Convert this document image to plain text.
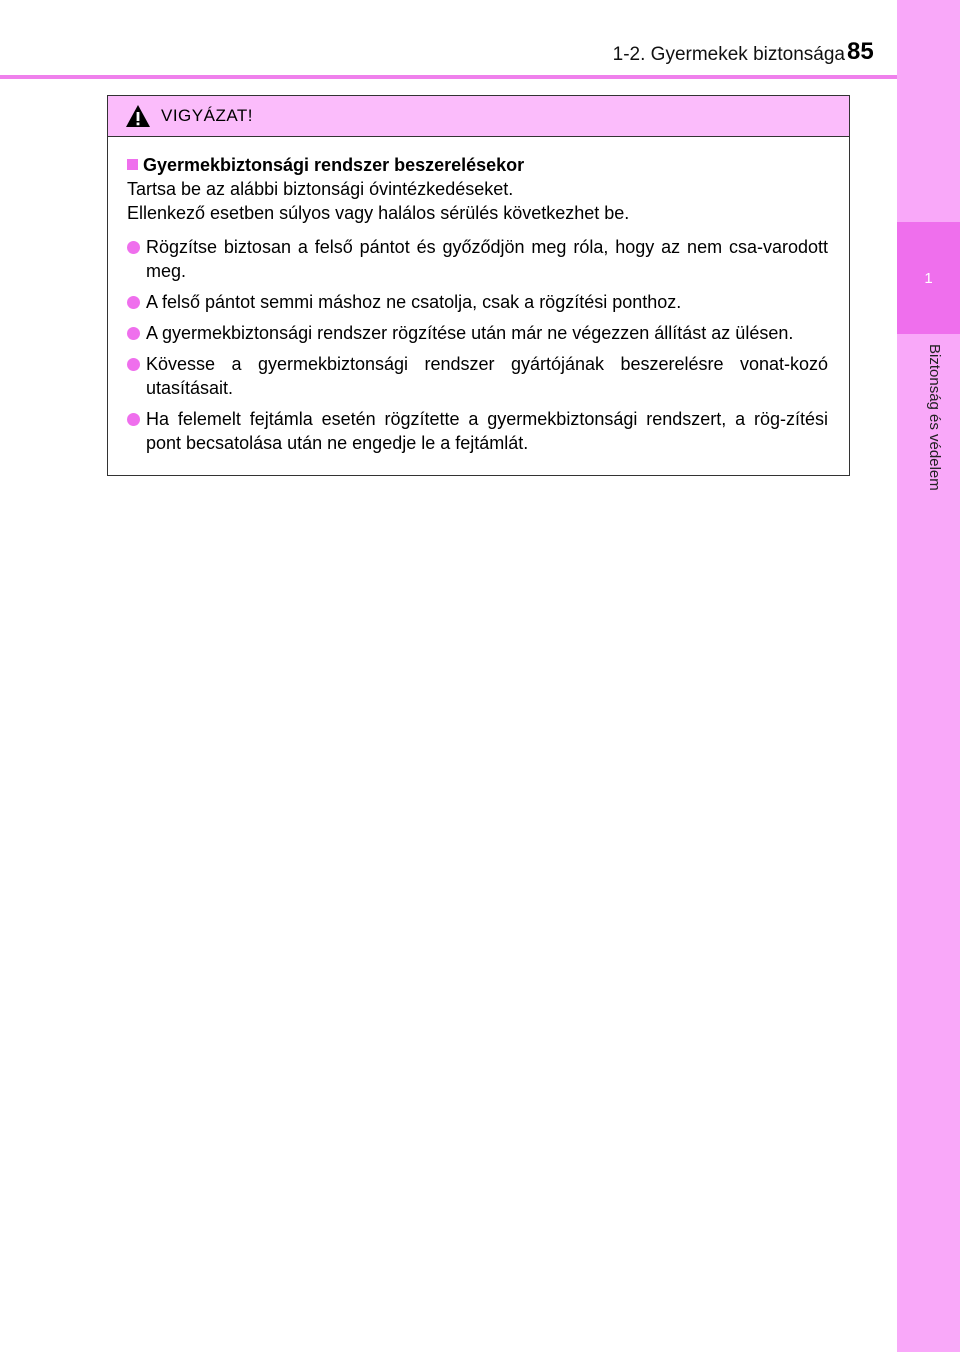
1
Biztonság és védelem
1-2. Gyermekek biztonsága 85
VIGYÁZAT!
Gyermekbiztonsági rendszer beszerelésekor

Tartsa be az alábbi biztonsági óvintézkedéseket.

Ellenkező esetben súlyos vagy halálos sérülés következhet be.

Rögzítse biztosan a felső pántot és győződjön meg róla, hogy az nem csa-varodott meg.
A felső pántot semmi máshoz ne csatolja, csak a rögzítési ponthoz.
A gyermekbiztonsági rendszer rögzítése után már ne végezzen állítást az ülésen.
Kövesse a gyermekbiztonsági rendszer gyártójának beszerelésre vonat-kozó utasításait.
Ha felemelt fejtámla esetén rögzítette a gyermekbiztonsági rendszert, a rög-zítési pont becsatolása után ne engedje le a fejtámlát.
